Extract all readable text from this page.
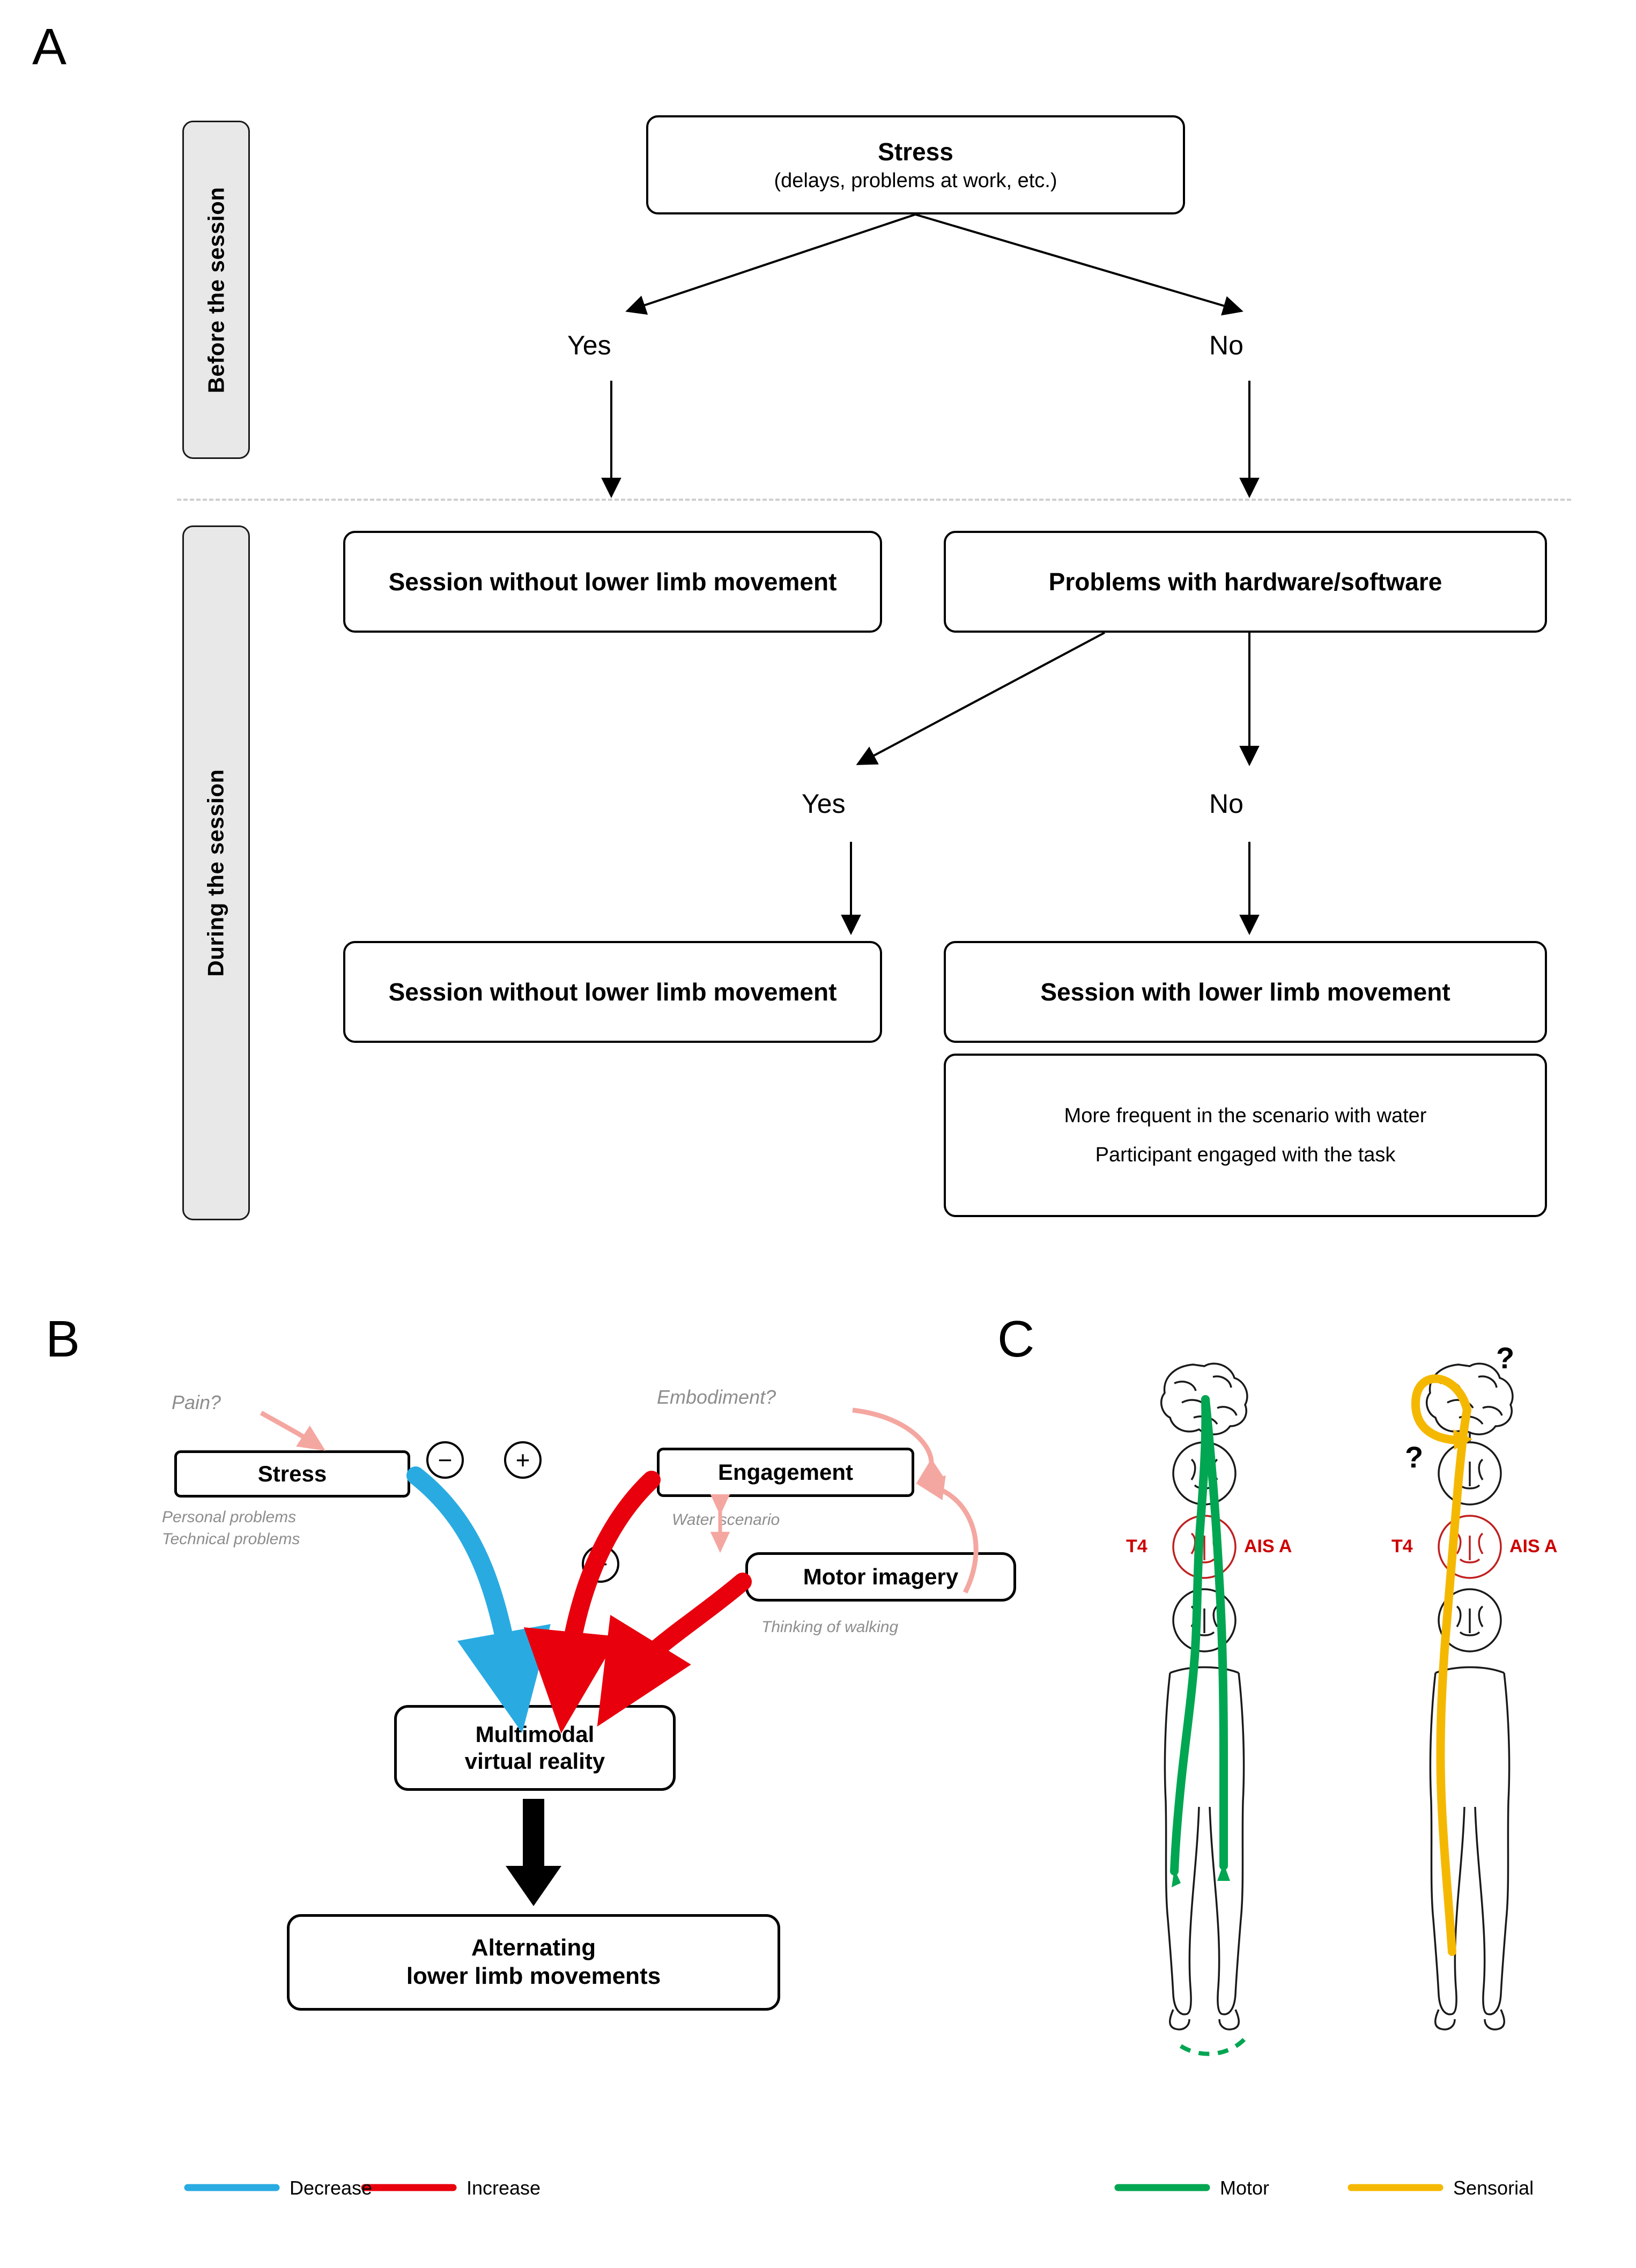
A
Before the session
During the session
Stress
(delays, problems at work, etc.)
Yes	No
Session without lower limb movement	Problems with hardware/software
Yes	No
Session without lower limb movement	Session with lower limb movement
More frequent in the scenario with water
Participant engaged with the task
B
Pain?	Embodiment?
Stress
Personal problems
Technical problems
Engagement
Water scenario
Motor imagery
Thinking of walking
−	+
+
Multimodal
virtual reality
Alternating
lower limb movements
Decrease	Increase
C
T4	AIS A	T4	AIS A
?
?
Motor	Sensorial
